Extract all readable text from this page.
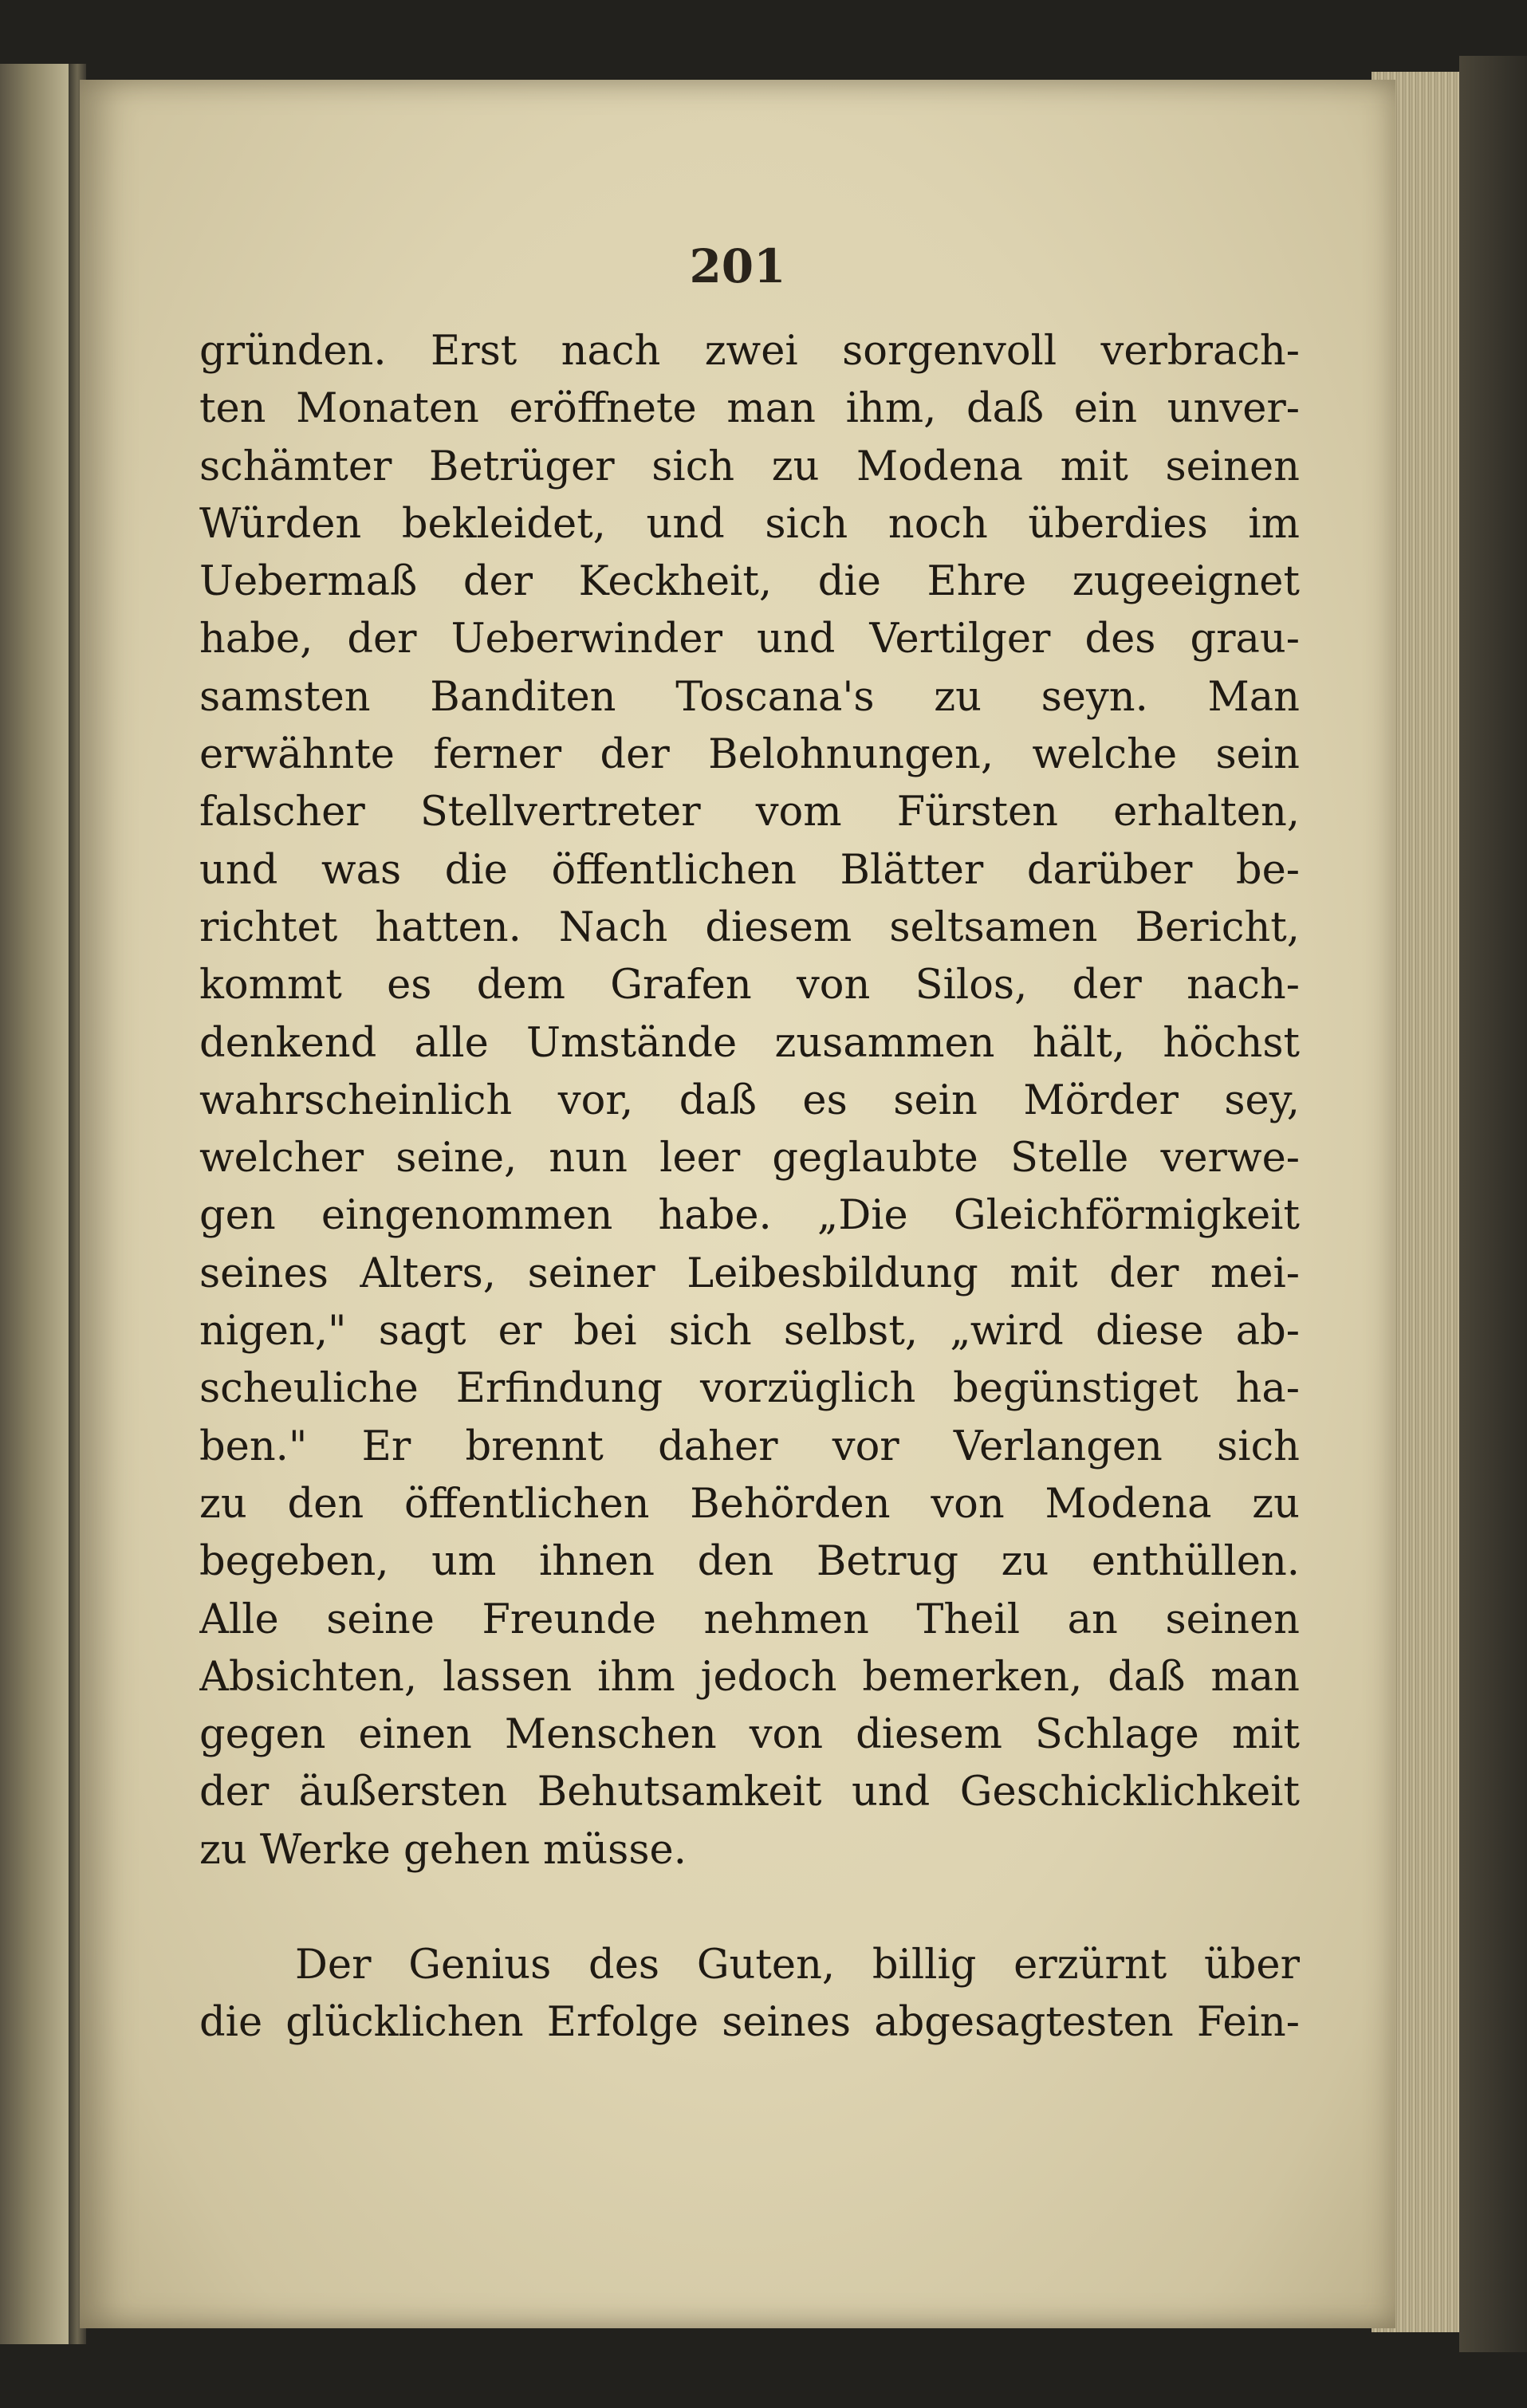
201
gründen. Erst nach zwei sorgenvoll verbrach-
ten Monaten eröffnete man ihm, daß ein unver-
schämter Betrüger sich zu Modena mit seinen
Würden bekleidet, und sich noch überdies im
Uebermaß der Keckheit, die Ehre zugeeignet
habe, der Ueberwinder und Vertilger des grau-
samsten Banditen Toscana's zu seyn. Man
erwähnte ferner der Belohnungen, welche sein
falscher Stellvertreter vom Fürsten erhalten,
und was die öffentlichen Blätter darüber be-
richtet hatten. Nach diesem seltsamen Bericht,
kommt es dem Grafen von Silos, der nach-
denkend alle Umstände zusammen hält, höchst
wahrscheinlich vor, daß es sein Mörder sey,
welcher seine, nun leer geglaubte Stelle verwe-
gen eingenommen habe. „Die Gleichförmigkeit
seines Alters, seiner Leibesbildung mit der mei-
nigen," sagt er bei sich selbst, „wird diese ab-
scheuliche Erfindung vorzüglich begünstiget ha-
ben." Er brennt daher vor Verlangen sich
zu den öffentlichen Behörden von Modena zu
begeben, um ihnen den Betrug zu enthüllen.
Alle seine Freunde nehmen Theil an seinen
Absichten, lassen ihm jedoch bemerken, daß man
gegen einen Menschen von diesem Schlage mit
der äußersten Behutsamkeit und Geschicklichkeit
zu Werke gehen müsse.
Der Genius des Guten, billig erzürnt über
die glücklichen Erfolge seines abgesagtesten Fein-
